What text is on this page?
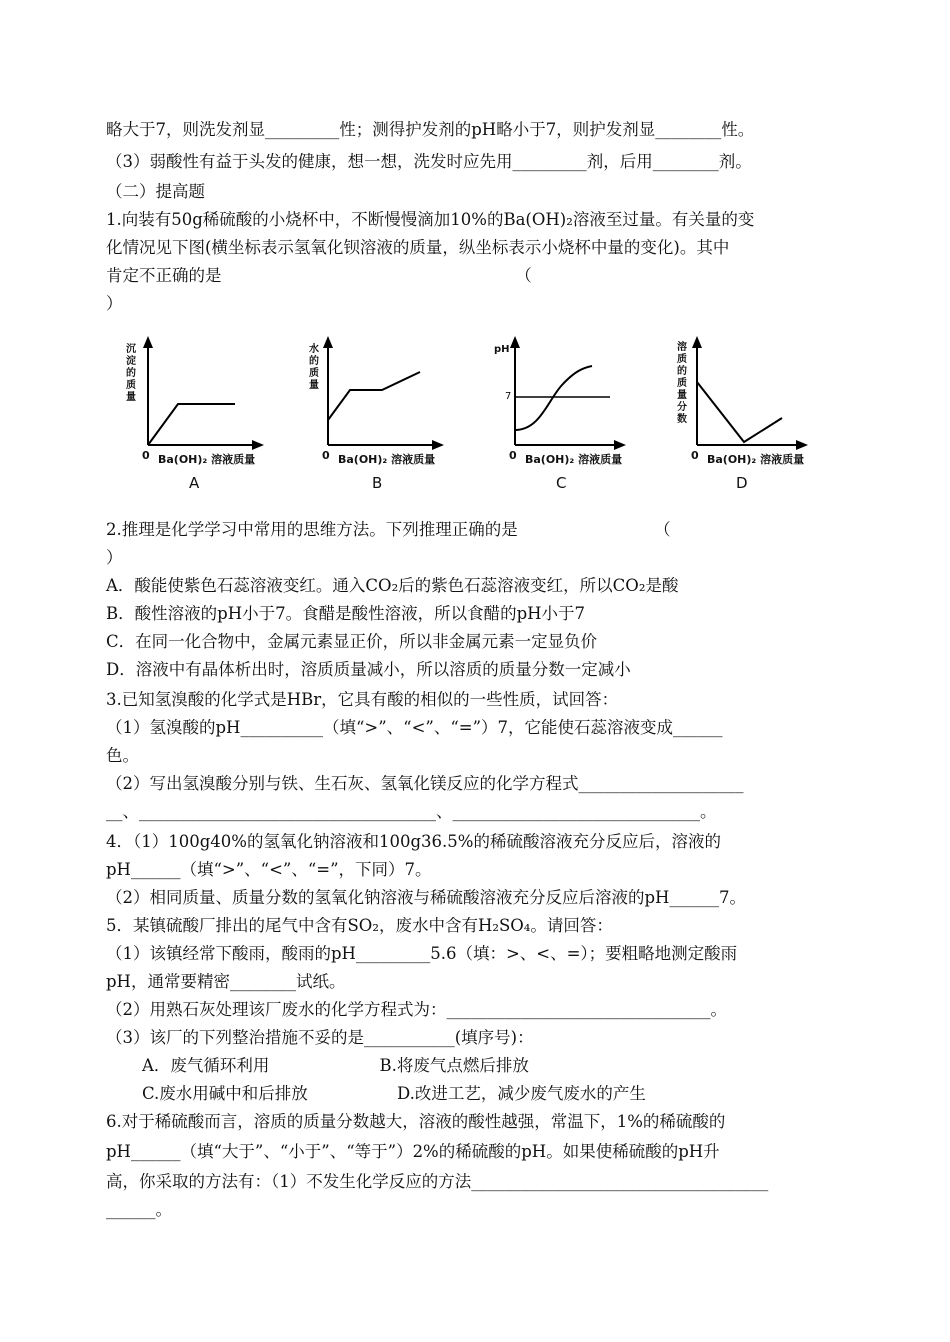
略大于7，则洗发剂显_________性；测得护发剂的pH略小于7，则护发剂显________性。
（3）弱酸性有益于头发的健康，想一想，洗发时应先用_________剂，后用________剂。
（二）提高题
1.向装有50g稀硫酸的小烧杯中，不断慢慢滴加10%的Ba(OH)₂溶液至过量。有关量的变
化情况见下图(横坐标表示氢氧化钡溶液的质量，纵坐标表示小烧杯中量的变化)。其中
肯定不正确的是                                                        （
）
沉淀的质量
0 Ba(OH)₂ 溶液质量
A
水的质量
0 Ba(OH)₂ 溶液质量
B
pH
7
0 Ba(OH)₂ 溶液质量
C
溶质的质量分数
0 Ba(OH)₂ 溶液质量
D
2.推理是化学学习中常用的思维方法。下列推理正确的是                          （
）
A．酸能使紫色石蕊溶液变红。通入CO₂后的紫色石蕊溶液变红，所以CO₂是酸
B．酸性溶液的pH小于7。食醋是酸性溶液，所以食醋的pH小于7
C．在同一化合物中，金属元素显正价，所以非金属元素一定显负价
D．溶液中有晶体析出时，溶质质量减小，所以溶质的质量分数一定减小
3.已知氢溴酸的化学式是HBr，它具有酸的相似的一些性质，试回答：
（1）氢溴酸的pH__________（填“>”、“<”、“=”）7，它能使石蕊溶液变成______
色。
（2）写出氢溴酸分别与铁、生石灰、氢氧化镁反应的化学方程式____________________
__、____________________________________、______________________________。
4．（1）100g40%的氢氧化钠溶液和100g36.5%的稀硫酸溶液充分反应后，溶液的
pH______（填“>”、“<”、“=”，下同）7。
（2）相同质量、质量分数的氢氧化钠溶液与稀硫酸溶液充分反应后溶液的pH______7。
5．某镇硫酸厂排出的尾气中含有SO₂，废水中含有H₂SO₄。请回答：
（1）该镇经常下酸雨，酸雨的pH_________5.6（填：>、<、=）；要粗略地测定酸雨
pH，通常要精密________试纸。
（2）用熟石灰处理该厂废水的化学方程式为：________________________________。
（3）该厂的下列整治措施不妥的是___________(填序号)：
A．废气循环利用                     B.将废气点燃后排放
C.废水用碱中和后排放                 D.改进工艺，减少废气废水的产生
6.对于稀硫酸而言，溶质的质量分数越大，溶液的酸性越强，常温下，1%的稀硫酸的
pH______（填“大于”、“小于”、“等于”）2%的稀硫酸的pH。如果使稀硫酸的pH升
高，你采取的方法有：（1）不发生化学反应的方法____________________________________
______。
